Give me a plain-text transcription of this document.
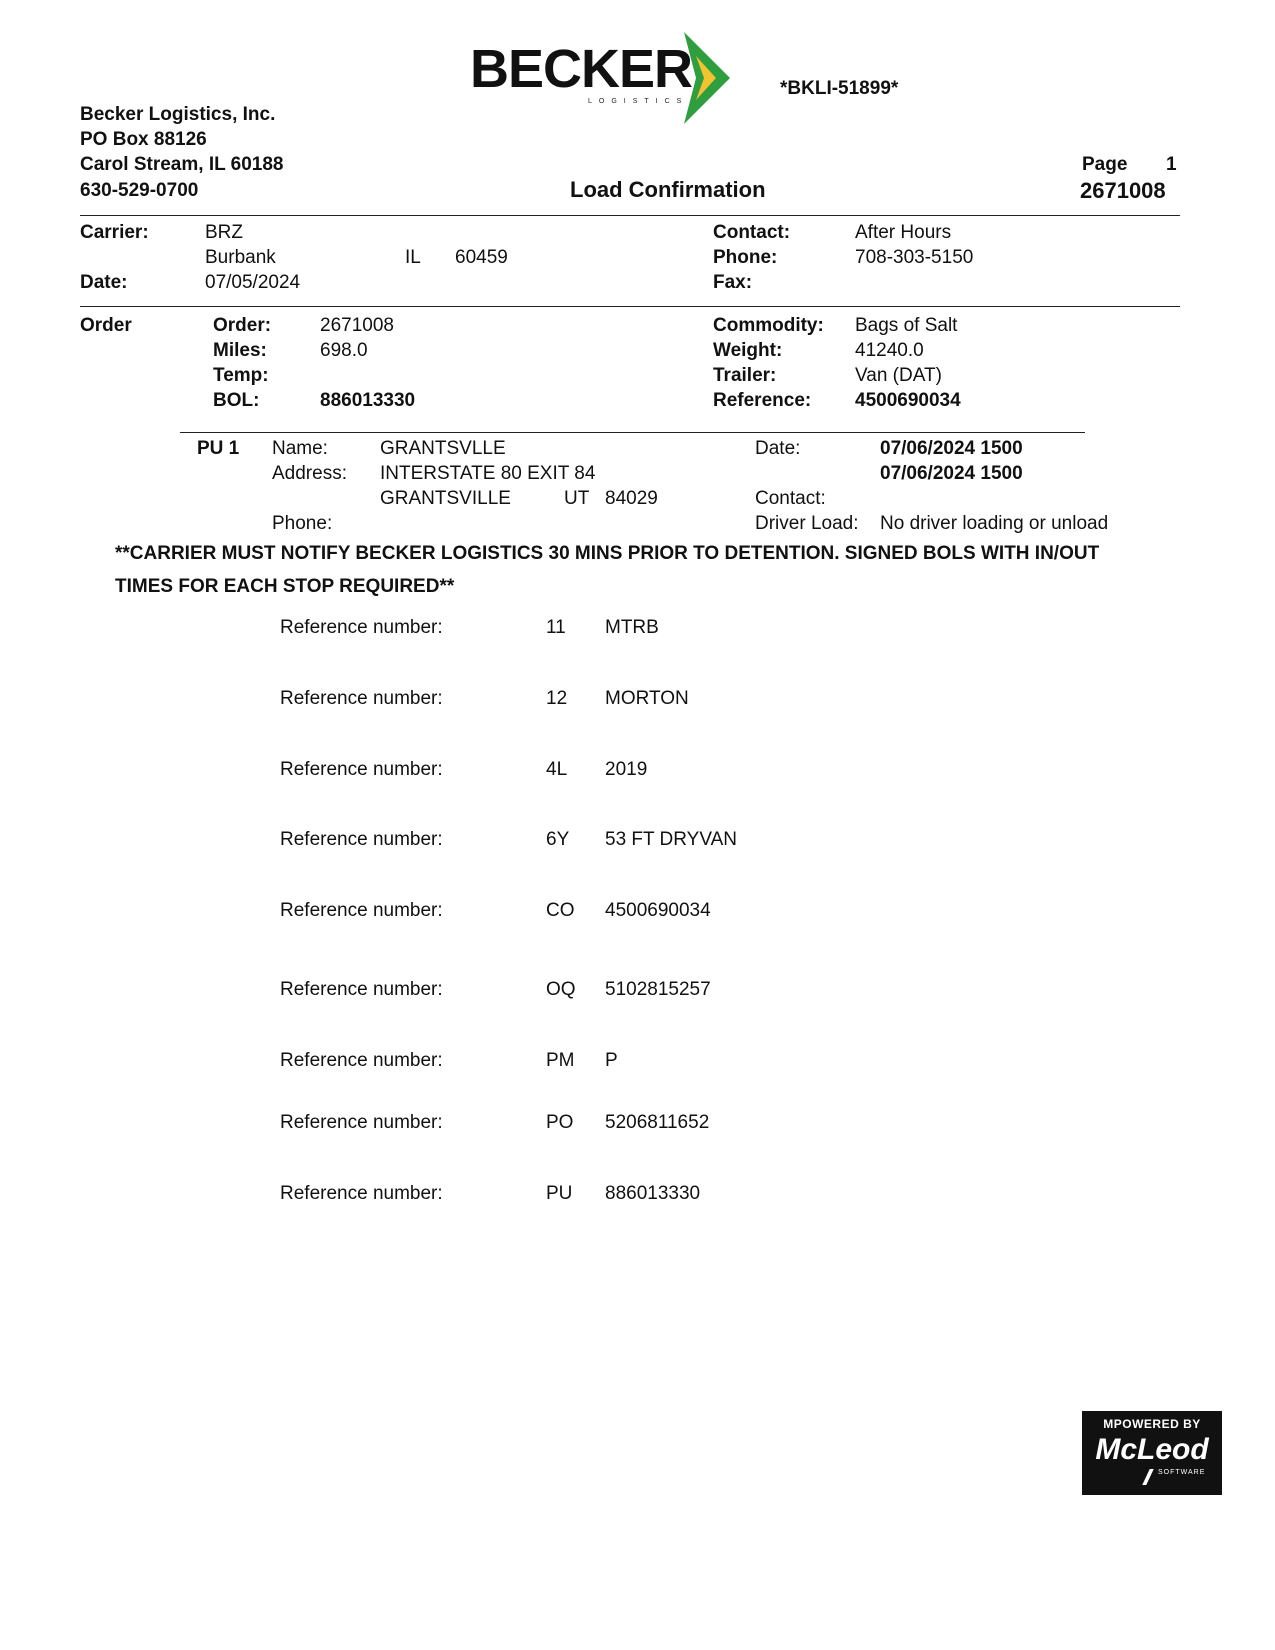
BECKER
LOGISTICS
*BKLI-51899*
Becker Logistics, Inc.
PO Box 88126
Carol Stream, IL 60188
630-529-0700	Load Confirmation
Page 1
2671008
Carrier:	BRZ
Burbank	IL 60459
Date:	07/05/2024
Contact:	After Hours
Phone:	708-303-5150
Fax:
Order	Order:	2671008
Miles:	698.0
Temp:
BOL:	886013330
Commodity: Bags of Salt
Weight:	41240.0
Trailer:	Van (DAT)
Reference: 4500690034
PU 1 Name:	GRANTSVLLE
Address: INTERSTATE 80 EXIT 84
GRANTSVILLE	UT 84029
Phone:
Date:	07/06/2024 1500
07/06/2024 1500
Contact:
Driver Load: No driver loading or unload
**CARRIER MUST NOTIFY BECKER LOGISTICS 30 MINS PRIOR TO DETENTION. SIGNED BOLS WITH IN/OUT
TIMES FOR EACH STOP REQUIRED**
Reference number:	11 MTRB
Reference number:	12 MORTON
Reference number:	4L 2019
Reference number:	6Y 53 FT DRYVAN
Reference number:	CO 4500690034
Reference number:	OQ 5102815257
Reference number:	PM P
Reference number:	PO 5206811652
Reference number:	PU 886013330
MPOWERED BY
McLeod
SOFTWARE
